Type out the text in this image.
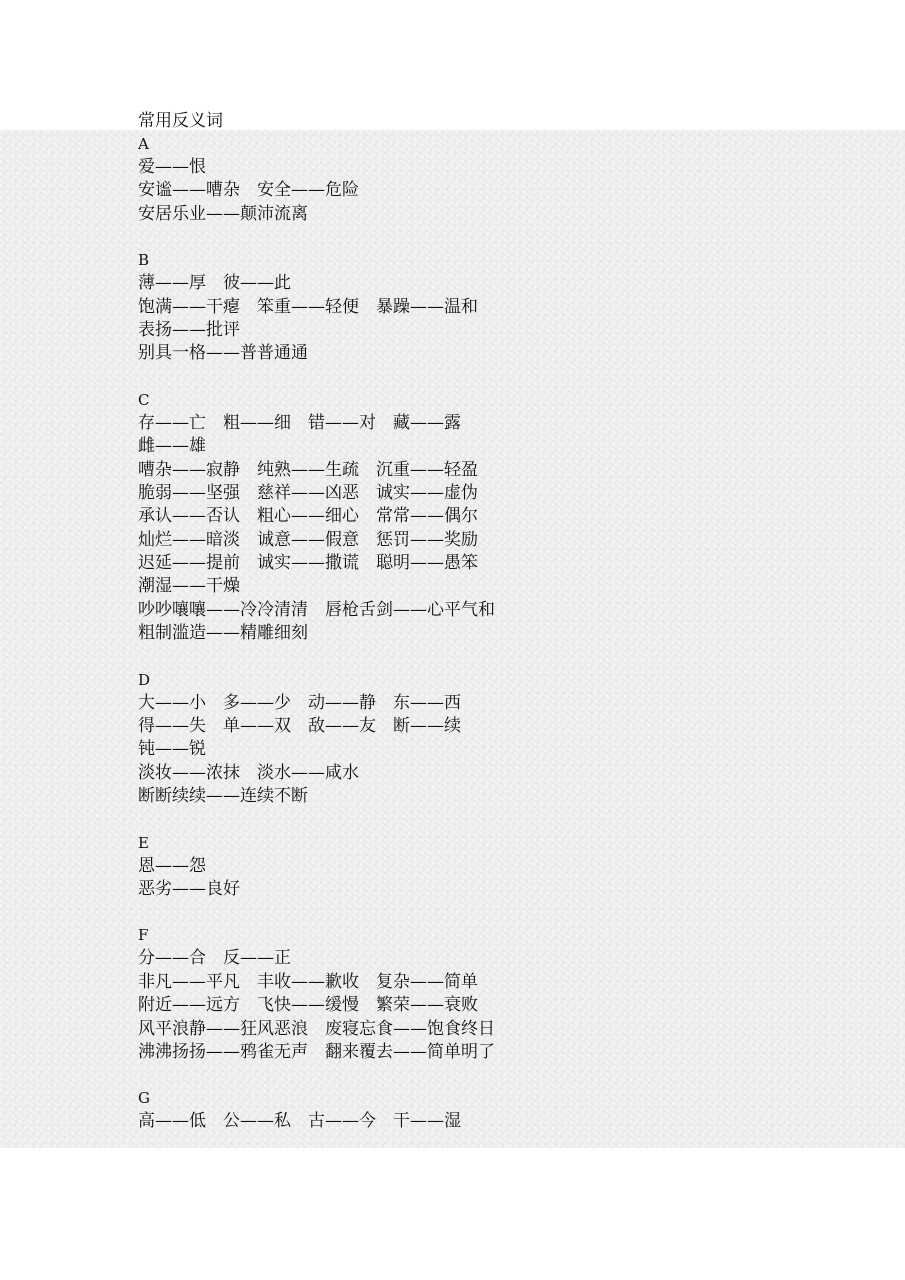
常用反义词
A
爱——恨
安谧——嘈杂 安全——危险
安居乐业——颠沛流离
B
薄——厚 彼——此
饱满——干瘪 笨重——轻便 暴躁——温和
表扬——批评
别具一格——普普通通
C
存——亡 粗——细 错——对 藏——露
雌——雄
嘈杂——寂静 纯熟——生疏 沉重——轻盈
脆弱——坚强 慈祥——凶恶 诚实——虚伪
承认——否认 粗心——细心 常常——偶尔
灿烂——暗淡 诚意——假意 惩罚——奖励
迟延——提前 诚实——撒谎 聪明——愚笨
潮湿——干燥
吵吵嚷嚷——冷冷清清 唇枪舌剑——心平气和
粗制滥造——精雕细刻
D
大——小 多——少 动——静 东——西
得——失 单——双 敌——友 断——续
钝——锐
淡妆——浓抹 淡水——咸水
断断续续——连续不断
E
恩——怨
恶劣——良好
F
分——合 反——正
非凡——平凡 丰收——歉收 复杂——简单
附近——远方 飞快——缓慢 繁荣——衰败
风平浪静——狂风恶浪 废寝忘食——饱食终日
沸沸扬扬——鸦雀无声 翻来覆去——简单明了
G
高——低 公——私 古——今 干——湿
